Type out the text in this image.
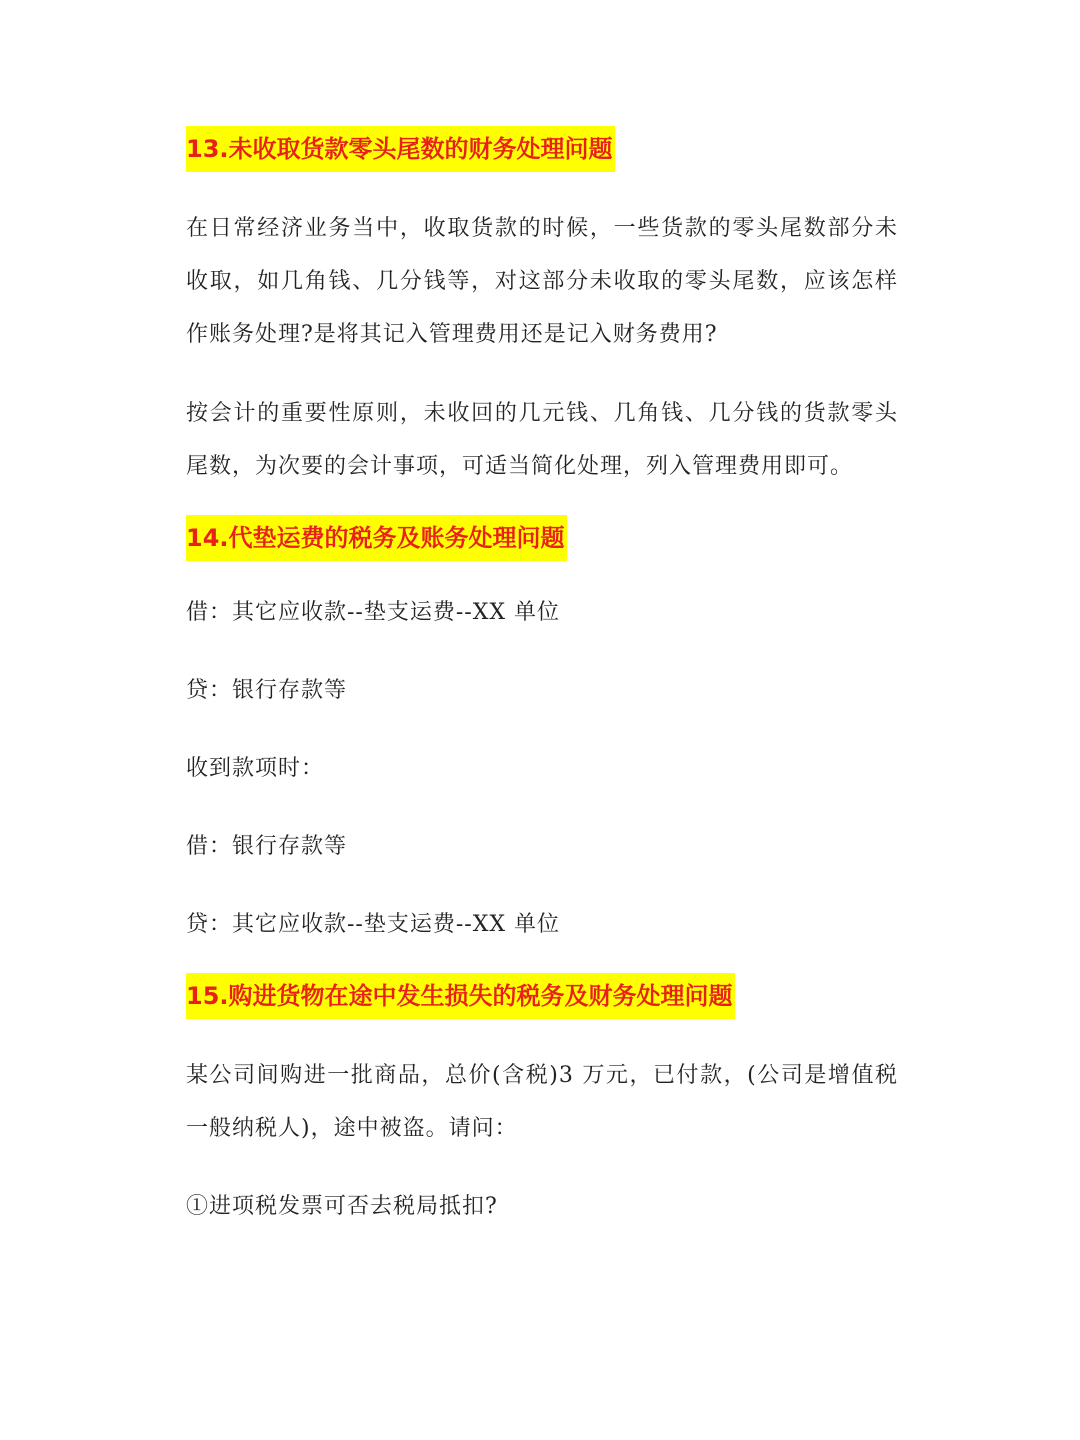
13.未收取货款零头尾数的财务处理问题

在日常经济业务当中，收取货款的时候，一些货款的零头尾数部分未收取，如几角钱、几分钱等，对这部分未收取的零头尾数，应该怎样作账务处理?是将其记入管理费用还是记入财务费用?

按会计的重要性原则，未收回的几元钱、几角钱、几分钱的货款零头尾数，为次要的会计事项，可适当简化处理，列入管理费用即可。

14.代垫运费的税务及账务处理问题

借：其它应收款--垫支运费--XX 单位

贷：银行存款等

收到款项时：

借：银行存款等

贷：其它应收款--垫支运费--XX 单位

15.购进货物在途中发生损失的税务及财务处理问题

某公司间购进一批商品，总价(含税)3 万元，已付款，(公司是增值税一般纳税人)，途中被盗。请问：

①进项税发票可否去税局抵扣?
